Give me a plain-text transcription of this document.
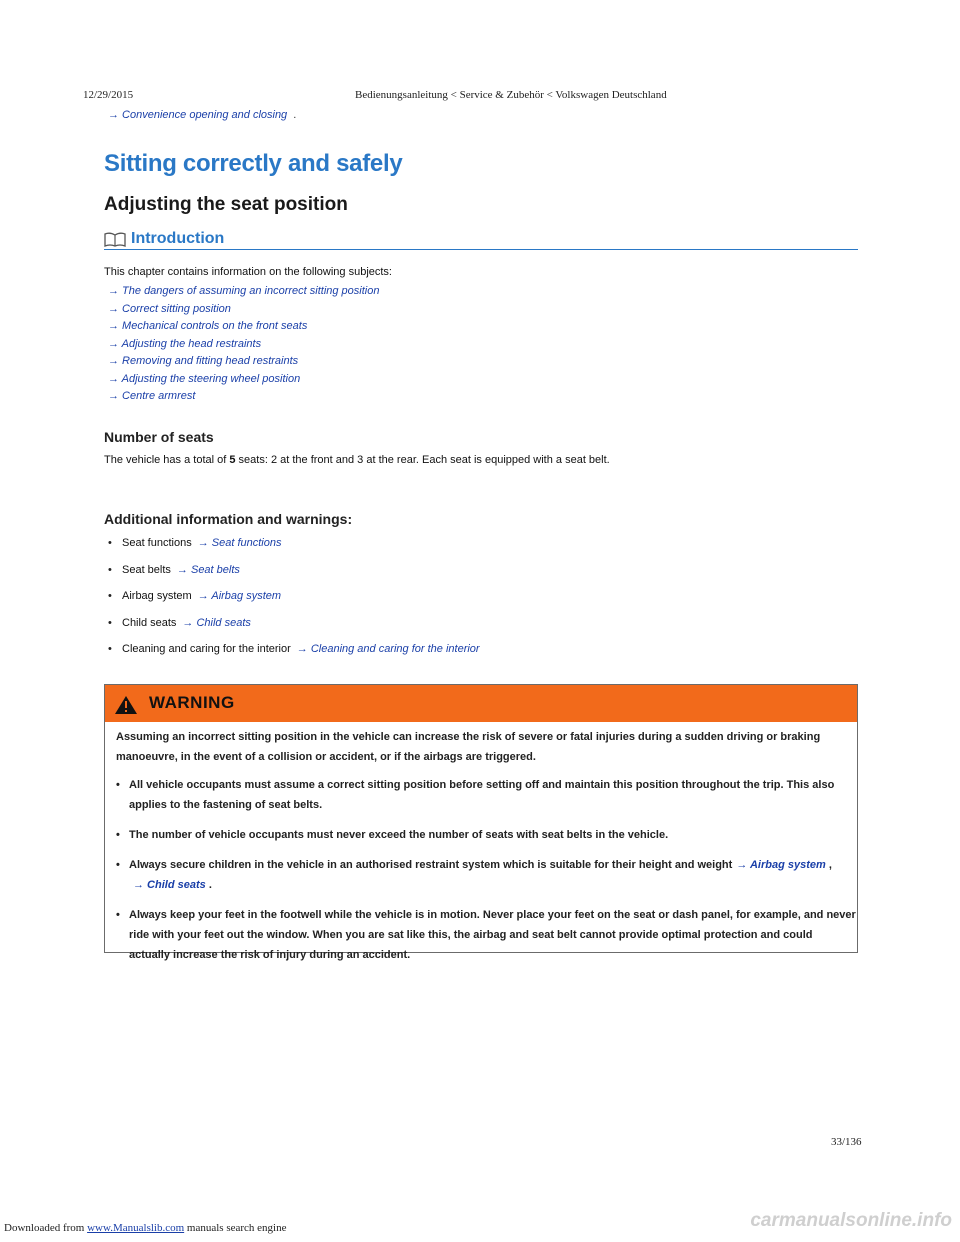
12/29/2015	Bedienungsanleitung < Service & Zubehör < Volkswagen Deutschland
→ Convenience opening and closing .
Sitting correctly and safely
Adjusting the seat position
Introduction
This chapter contains information on the following subjects:
→ The dangers of assuming an incorrect sitting position
→ Correct sitting position
→ Mechanical controls on the front seats
→ Adjusting the head restraints
→ Removing and fitting head restraints
→ Adjusting the steering wheel position
→ Centre armrest
Number of seats
The vehicle has a total of 5 seats: 2 at the front and 3 at the rear. Each seat is equipped with a seat belt.
Additional information and warnings:
• Seat functions → Seat functions
• Seat belts → Seat belts
• Airbag system → Airbag system
• Child seats → Child seats
• Cleaning and caring for the interior → Cleaning and caring for the interior
WARNING
Assuming an incorrect sitting position in the vehicle can increase the risk of severe or fatal injuries during a sudden driving or braking manoeuvre, in the event of a collision or accident, or if the airbags are triggered.
• All vehicle occupants must assume a correct sitting position before setting off and maintain this position throughout the trip. This also applies to the fastening of seat belts.
• The number of vehicle occupants must never exceed the number of seats with seat belts in the vehicle.
• Always secure children in the vehicle in an authorised restraint system which is suitable for their height and weight → Airbag system ,
→ Child seats .
• Always keep your feet in the footwell while the vehicle is in motion. Never place your feet on the seat or dash panel, for example, and never ride with your feet out the window. When you are sat like this, the airbag and seat belt cannot provide optimal protection and could actually increase the risk of injury during an accident.
33/136
Downloaded from www.Manualslib.com manuals search engine	carmanualsonline.info
